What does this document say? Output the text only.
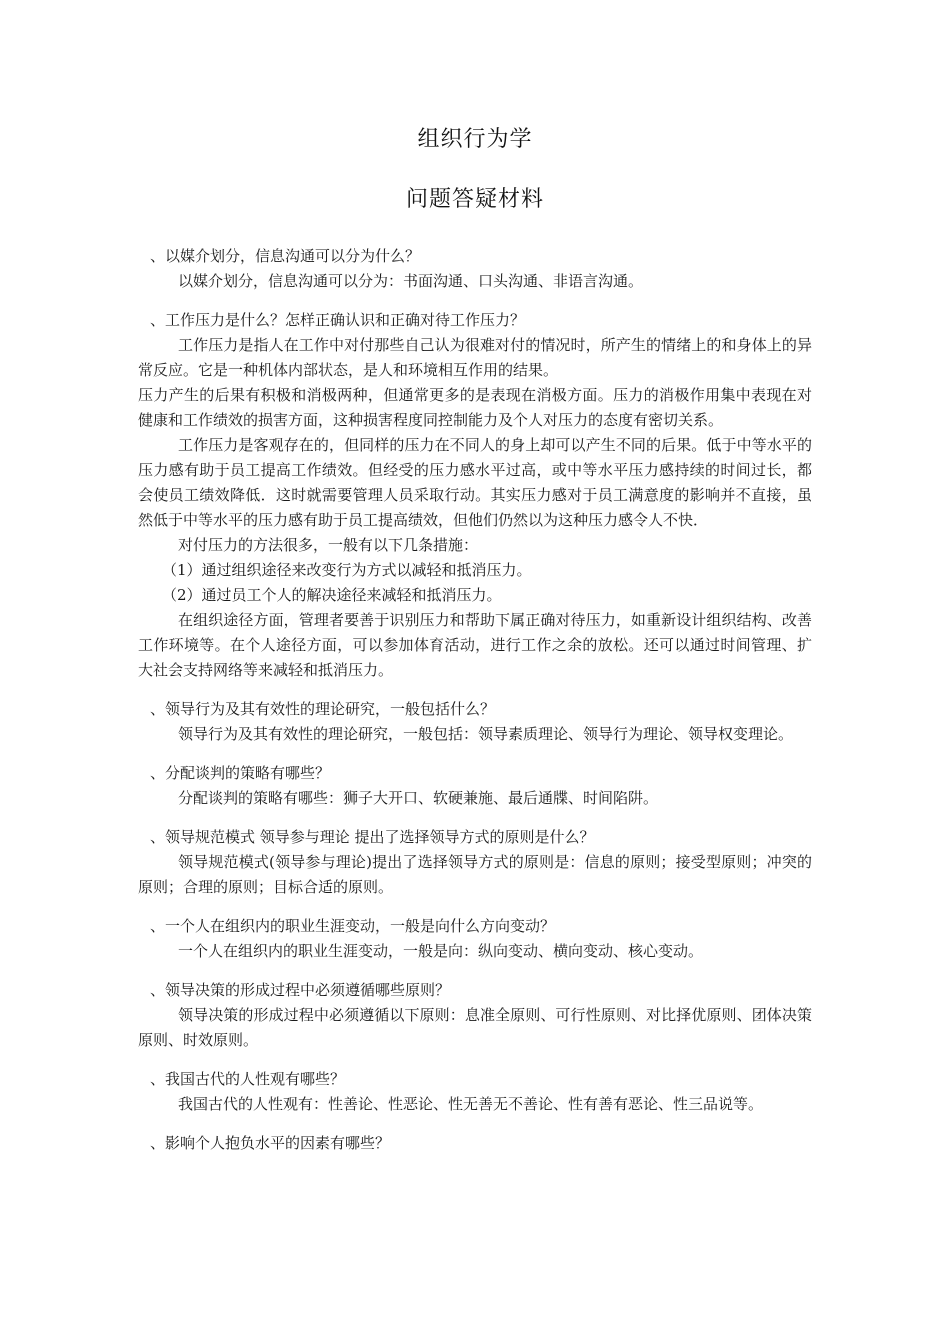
组织行为学
问题答疑材料
、以媒介划分，信息沟通可以分为什么？

以媒介划分，信息沟通可以分为：书面沟通、口头沟通、非语言沟通。

、工作压力是什么？怎样正确认识和正确对待工作压力？

工作压力是指人在工作中对付那些自己认为很难对付的情况时，所产生的情绪上的和身体上的异常反应。它是一种机体内部状态，是人和环境相互作用的结果。

压力产生的后果有积极和消极两种，但通常更多的是表现在消极方面。压力的消极作用集中表现在对健康和工作绩效的损害方面，这种损害程度同控制能力及个人对压力的态度有密切关系。

工作压力是客观存在的，但同样的压力在不同人的身上却可以产生不同的后果。低于中等水平的压力感有助于员工提高工作绩效。但经受的压力感水平过高，或中等水平压力感持续的时间过长，都会使员工绩效降低．这时就需要管理人员采取行动。其实压力感对于员工满意度的影响并不直接，虽然低于中等水平的压力感有助于员工提高绩效，但他们仍然以为这种压力感令人不快．

对付压力的方法很多，一般有以下几条措施：

（1）通过组织途径来改变行为方式以减轻和抵消压力。
（2）通过员工个人的解决途径来减轻和抵消压力。

在组织途径方面，管理者要善于识别压力和帮助下属正确对待压力，如重新设计组织结构、改善工作环境等。在个人途径方面，可以参加体育活动，进行工作之余的放松。还可以通过时间管理、扩大社会支持网络等来减轻和抵消压力。

、领导行为及其有效性的理论研究，一般包括什么？

领导行为及其有效性的理论研究，一般包括：领导素质理论、领导行为理论、领导权变理论。

、分配谈判的策略有哪些？

分配谈判的策略有哪些：狮子大开口、软硬兼施、最后通牒、时间陷阱。

、领导规范模式 领导参与理论 提出了选择领导方式的原则是什么？

领导规范模式(领导参与理论)提出了选择领导方式的原则是：信息的原则；接受型原则；冲突的原则；合理的原则；目标合适的原则。

、一个人在组织内的职业生涯变动，一般是向什么方向变动？

一个人在组织内的职业生涯变动，一般是向：纵向变动、横向变动、核心变动。

、领导决策的形成过程中必须遵循哪些原则？

领导决策的形成过程中必须遵循以下原则：息准全原则、可行性原则、对比择优原则、团体决策原则、时效原则。

、我国古代的人性观有哪些？

我国古代的人性观有：性善论、性恶论、性无善无不善论、性有善有恶论、性三品说等。

、影响个人抱负水平的因素有哪些？
